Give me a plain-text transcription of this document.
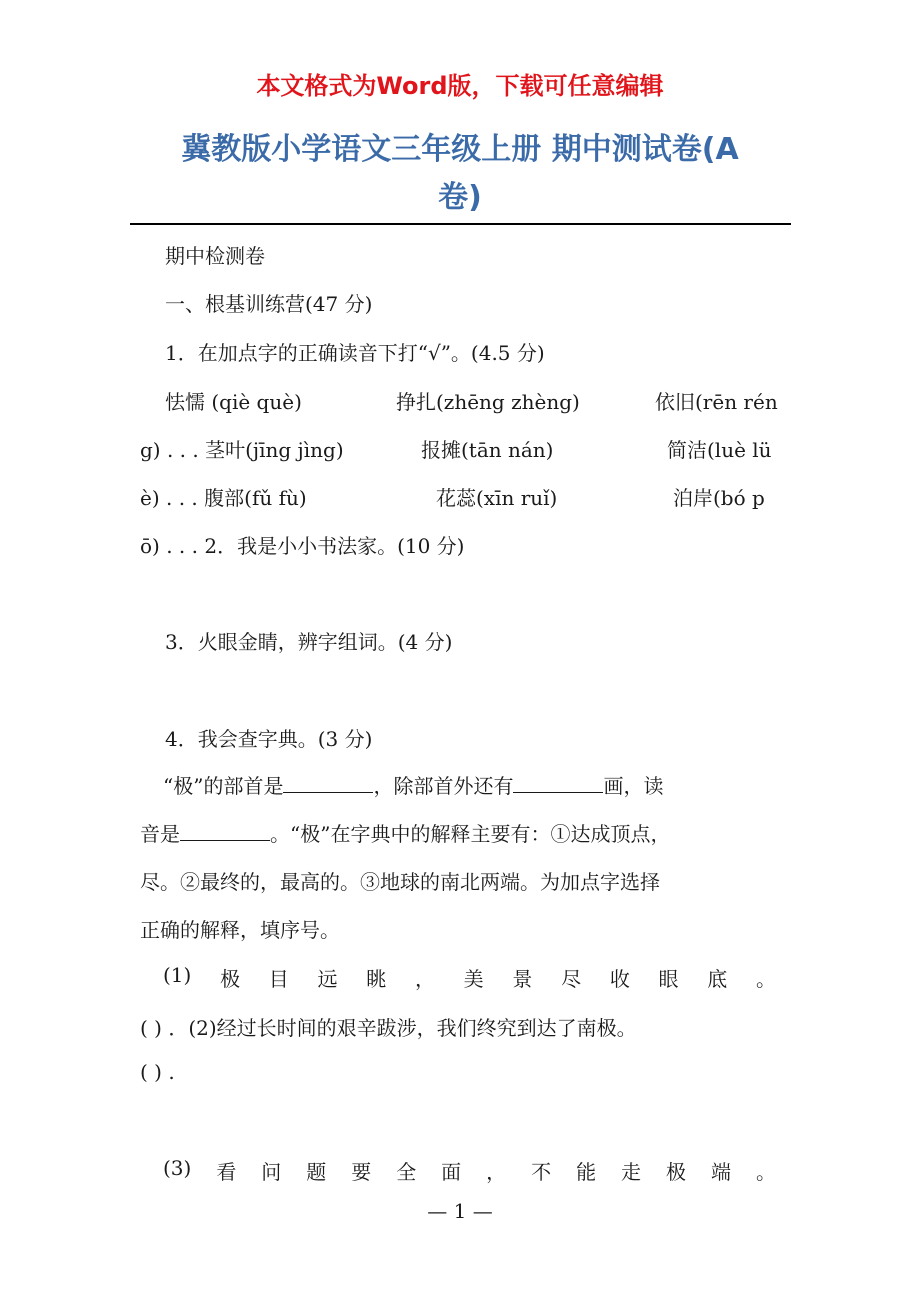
本文格式为Word版，下载可任意编辑
冀教版小学语文三年级上册 期中测试卷(A
卷)
期中检测卷
一、根基训练营(47 分)
1．在加点字的正确读音下打“√”。(4.5 分)
怯懦 (qiè què)	挣扎(zhēng zhèng)	依旧(rēn rén
g) . . . 茎叶(jīng jìng)	报摊(tān nán)	简洁(luè lü
è) . . . 腹部(fǔ fù)	花蕊(xīn ruǐ)	泊岸(bó p
ō) . . . 2．我是小小书法家。(10 分)
3．火眼金睛，辨字组词。(4 分)
4．我会查字典。(3 分)
“极”的部首是	，除部首外还有	画，读
音是	。“极”在字典中的解释主要有：①达成顶点，
尽。②最终的，最高的。③地球的南北两端。为加点字选择
正确的解释，填序号。
(1) 极 目 远 眺 ， 美 景 尽 收 眼 底 。
( ) ．(2)经过长时间的艰辛跋涉，我们终究到达了南极。
( ) .
(3) 看 问 题 要 全 面 ， 不 能 走 极 端 。
— 1 —
